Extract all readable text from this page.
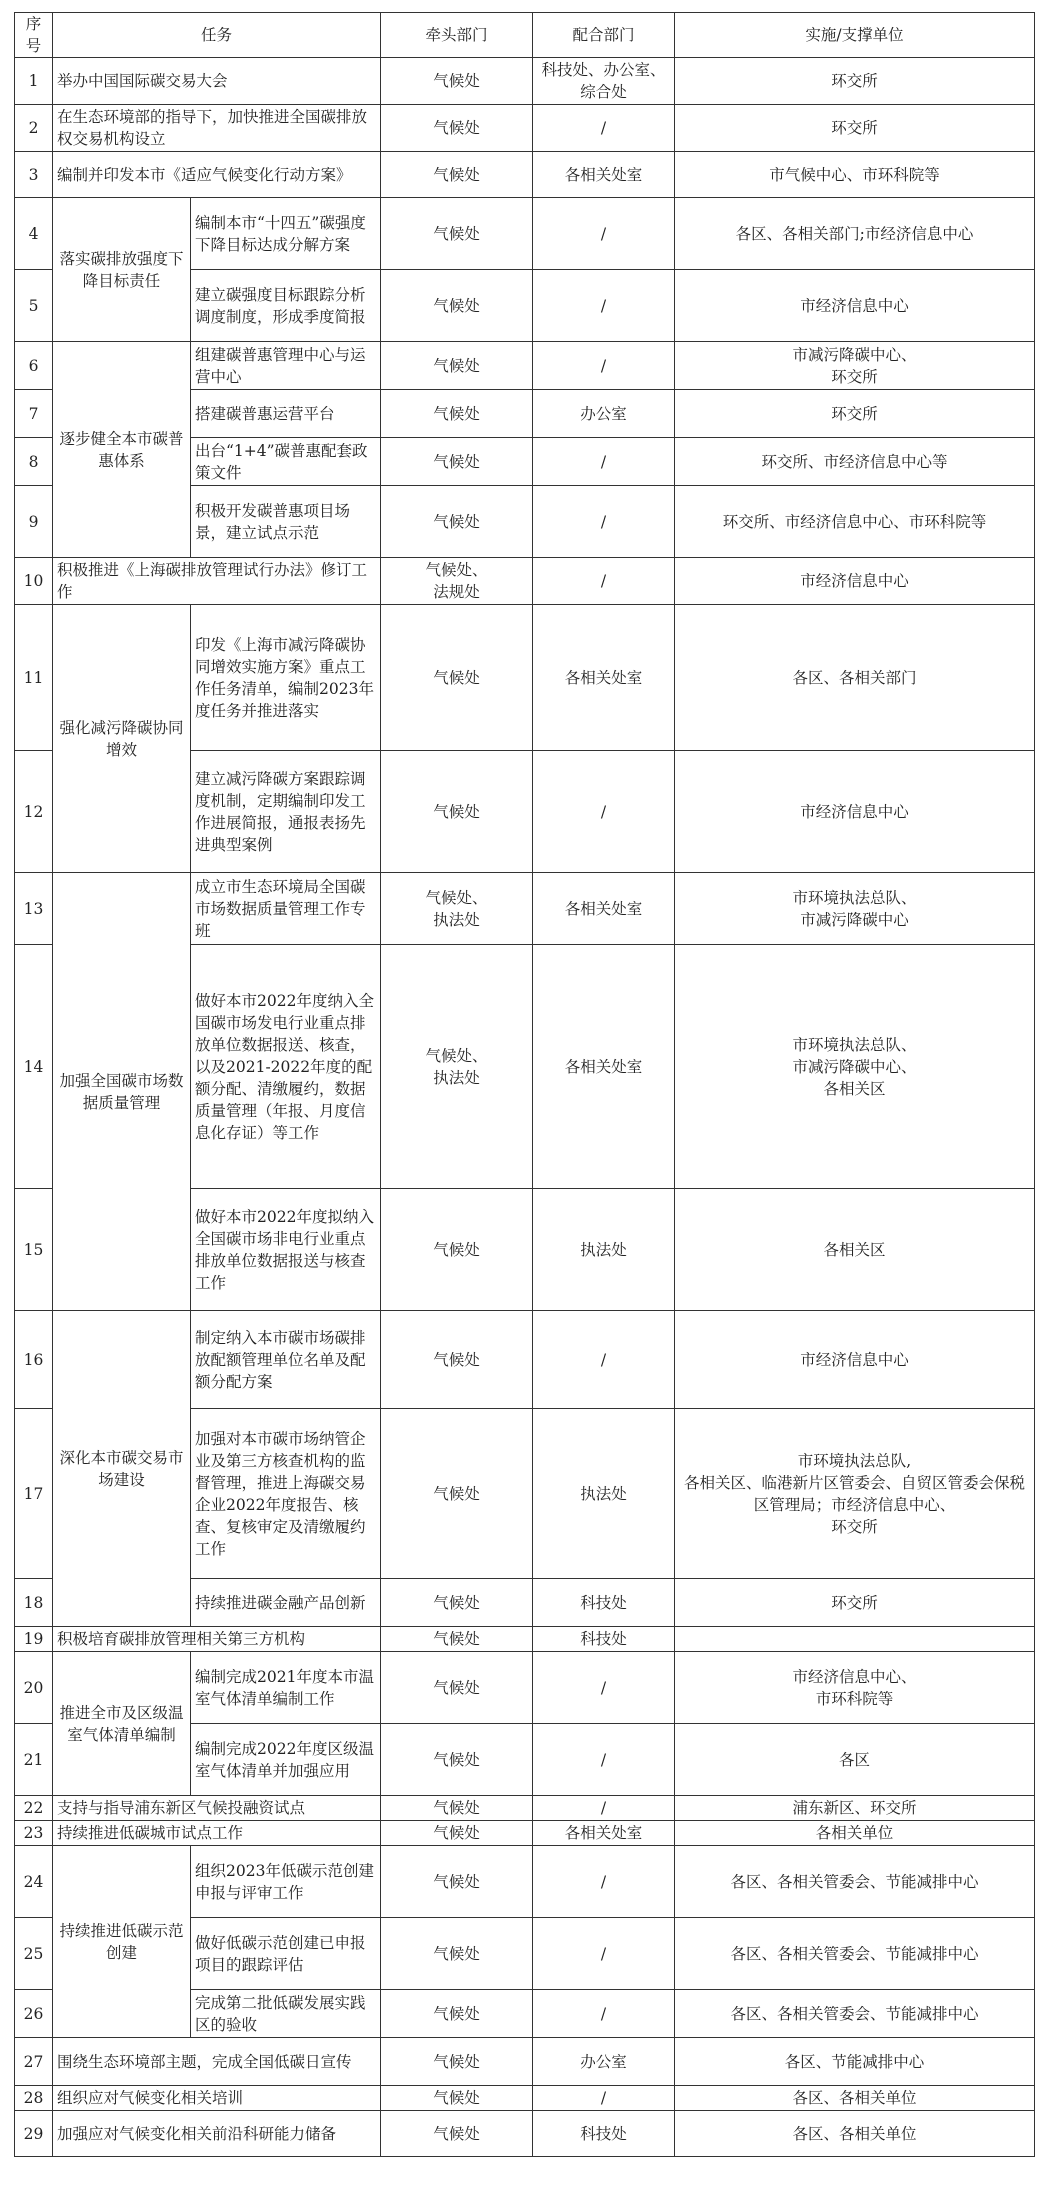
序号	任务		牵头部门	配合部门	实施/支撑单位
1	举办中国国际碳交易大会		气候处	科技处、办公室、综合处	环交所
2	在生态环境部的指导下，加快推进全国碳排放权交易机构设立		气候处	/	环交所
3	编制并印发本市《适应气候变化行动方案》		气候处	各相关处室	市气候中心、市环科院等
4	落实碳排放强度下降目标责任	编制本市“十四五”碳强度下降目标达成分解方案	气候处	/	各区、各相关部门;市经济信息中心
5		建立碳强度目标跟踪分析调度制度，形成季度简报	气候处	/	市经济信息中心
6	逐步健全本市碳普惠体系	组建碳普惠管理中心与运营中心	气候处	/	市减污降碳中心、
环交所
7		搭建碳普惠运营平台	气候处	办公室	环交所
8		出台“1+4”碳普惠配套政策文件	气候处	/	环交所、市经济信息中心等
9		积极开发碳普惠项目场景，建立试点示范	气候处	/	环交所、市经济信息中心、市环科院等
10	积极推进《上海碳排放管理试行办法》修订工作		气候处、
法规处	/	市经济信息中心
11	强化减污降碳协同增效	印发《上海市减污降碳协同增效实施方案》重点工作任务清单，编制2023年度任务并推进落实	气候处	各相关处室	各区、各相关部门
12		建立减污降碳方案跟踪调度机制，定期编制印发工作进展简报，通报表扬先进典型案例	气候处	/	市经济信息中心
13	加强全国碳市场数据质量管理	成立市生态环境局全国碳市场数据质量管理工作专班	气候处、
执法处	各相关处室	市环境执法总队、
市减污降碳中心
14		做好本市2022年度纳入全国碳市场发电行业重点排放单位数据报送、核查，以及2021-2022年度的配额分配、清缴履约，数据质量管理（年报、月度信息化存证）等工作	气候处、
执法处	各相关处室	市环境执法总队、
市减污降碳中心、
各相关区
15		做好本市2022年度拟纳入全国碳市场非电行业重点排放单位数据报送与核查工作	气候处	执法处	各相关区
16	深化本市碳交易市场建设	制定纳入本市碳市场碳排放配额管理单位名单及配额分配方案	气候处	/	市经济信息中心
17		加强对本市碳市场纳管企业及第三方核查机构的监督管理，推进上海碳交易企业2022年度报告、核查、复核审定及清缴履约工作	气候处	执法处	市环境执法总队,
各相关区、临港新片区管委会、自贸区管委会保税区管理局；市经济信息中心、
环交所
18		持续推进碳金融产品创新	气候处	科技处	环交所
19	积极培育碳排放管理相关第三方机构		气候处	科技处	
20	推进全市及区级温室气体清单编制	编制完成2021年度本市温室气体清单编制工作	气候处	/	市经济信息中心、
市环科院等
21		编制完成2022年度区级温室气体清单并加强应用	气候处	/	各区
22	支持与指导浦东新区气候投融资试点		气候处	/	浦东新区、环交所
23	持续推进低碳城市试点工作		气候处	各相关处室	各相关单位
24	持续推进低碳示范创建	组织2023年低碳示范创建申报与评审工作	气候处	/	各区、各相关管委会、节能减排中心
25		做好低碳示范创建已申报项目的跟踪评估	气候处	/	各区、各相关管委会、节能减排中心
26		完成第二批低碳发展实践区的验收	气候处	/	各区、各相关管委会、节能减排中心
27	围绕生态环境部主题，完成全国低碳日宣传		气候处	办公室	各区、节能减排中心
28	组织应对气候变化相关培训		气候处	/	各区、各相关单位
29	加强应对气候变化相关前沿科研能力储备		气候处	科技处	各区、各相关单位
